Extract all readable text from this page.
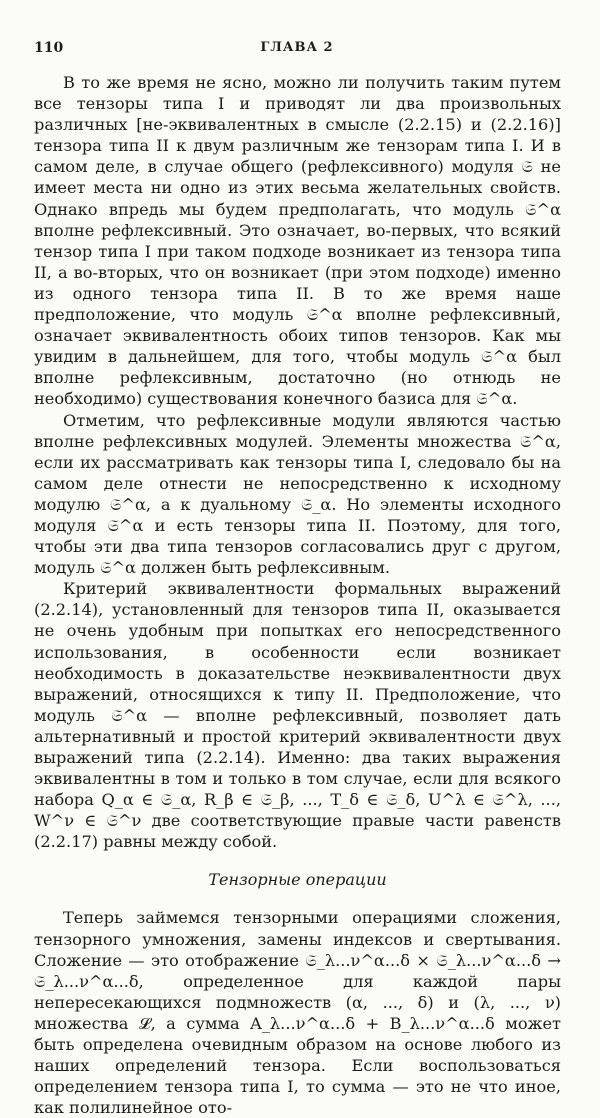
110	ГЛАВА 2

В то же время не ясно, можно ли получить таким путем все тензоры типа I и приводят ли два произвольных различных [не-эквивалентных в смысле (2.2.15) и (2.2.16)] тензора типа II к двум различным же тензорам типа I. И в самом деле, в случае общего (рефлексивного) модуля 𝔖 не имеет места ни одно из этих весьма желательных свойств. Однако впредь мы будем предполагать, что модуль 𝔖^α вполне рефлексивный. Это означает, во-первых, что всякий тензор типа I при таком подходе возникает из тензора типа II, а во-вторых, что он возникает (при этом подходе) именно из одного тензора типа II. В то же время наше предположение, что модуль 𝔖^α вполне рефлексивный, означает эквивалентность обоих типов тензоров. Как мы увидим в дальнейшем, для того, чтобы модуль 𝔖^α был вполне рефлексивным, достаточно (но отнюдь не необходимо) существования конечного базиса для 𝔖^α.

Отметим, что рефлексивные модули являются частью вполне рефлексивных модулей. Элементы множества 𝔖^α, если их рассматривать как тензоры типа I, следовало бы на самом деле отнести не непосредственно к исходному модулю 𝔖^α, а к дуальному 𝔖_α. Но элементы исходного модуля 𝔖^α и есть тензоры типа II. Поэтому, для того, чтобы эти два типа тензоров согласовались друг с другом, модуль 𝔖^α должен быть рефлексивным.

Критерий эквивалентности формальных выражений (2.2.14), установленный для тензоров типа II, оказывается не очень удобным при попытках его непосредственного использования, в особенности если возникает необходимость в доказательстве неэквивалентности двух выражений, относящихся к типу II. Предположение, что модуль 𝔖^α — вполне рефлексивный, позволяет дать альтернативный и простой критерий эквивалентности двух выражений типа (2.2.14). Именно: два таких выражения эквивалентны в том и только в том случае, если для всякого набора Q_α ∈ 𝔖_α, R_β ∈ 𝔖_β, ..., T_δ ∈ 𝔖_δ, U^λ ∈ 𝔖^λ, ..., W^ν ∈ 𝔖^ν две соответствующие правые части равенств (2.2.17) равны между собой.

Тензорные операции

Теперь займемся тензорными операциями сложения, тензорного умножения, замены индексов и свертывания. Сложение — это отображение 𝔖_λ...ν^α...δ × 𝔖_λ...ν^α...δ → 𝔖_λ...ν^α...δ, определенное для каждой пары непересекающихся подмножеств (α, ..., δ) и (λ, ..., ν) множества 𝓛, а сумма A_λ...ν^α...δ + B_λ...ν^α...δ может быть определена очевидным образом на основе любого из наших определений тензора. Если воспользоваться определением тензора типа I, то сумма — это не что иное, как полилинейное ото-
